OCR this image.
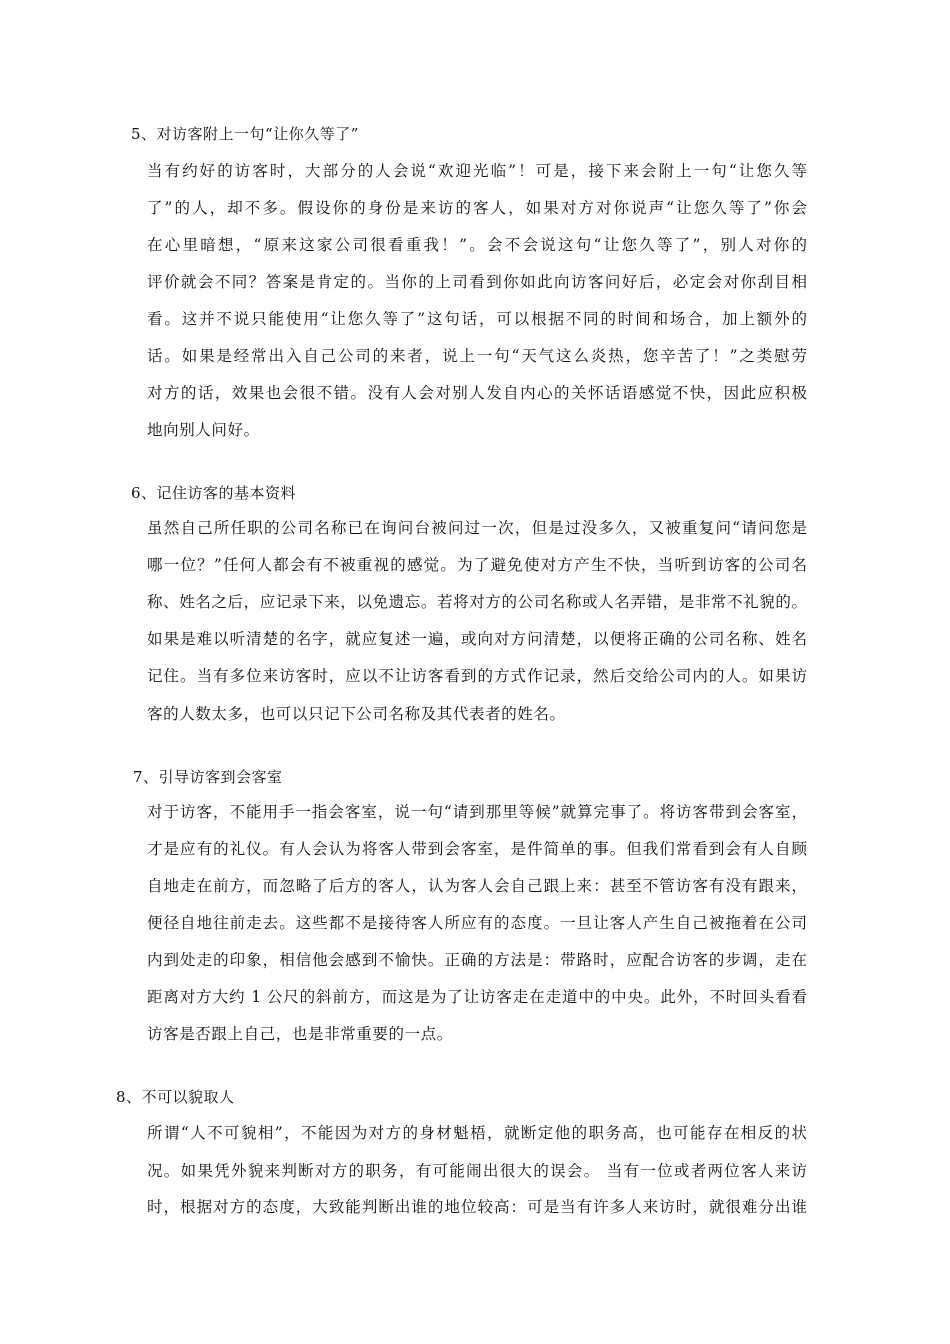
5、对访客附上一句“让你久等了”
当有约好的访客时，大部分的人会说“欢迎光临”！可是，接下来会附上一句“让您久等
了”的人，却不多。假设你的身份是来访的客人，如果对方对你说声“让您久等了”你会
在心里暗想，“原来这家公司很看重我！”。会不会说这句“让您久等了”，别人对你的
评价就会不同？答案是肯定的。当你的上司看到你如此向访客问好后，必定会对你刮目相
看。这并不说只能使用“让您久等了”这句话，可以根据不同的时间和场合，加上额外的
话。如果是经常出入自己公司的来者，说上一句“天气这么炎热，您辛苦了！”之类慰劳
对方的话，效果也会很不错。没有人会对别人发自内心的关怀话语感觉不快，因此应积极
地向别人问好。
6、记住访客的基本资料
虽然自己所任职的公司名称已在询问台被问过一次，但是过没多久，又被重复问“请问您是
哪一位？”任何人都会有不被重视的感觉。为了避免使对方产生不快，当听到访客的公司名
称、姓名之后，应记录下来，以免遗忘。若将对方的公司名称或人名弄错，是非常不礼貌的。
如果是难以听清楚的名字，就应复述一遍，或向对方问清楚，以便将正确的公司名称、姓名
记住。当有多位来访客时，应以不让访客看到的方式作记录，然后交给公司内的人。如果访
客的人数太多，也可以只记下公司名称及其代表者的姓名。
7、引导访客到会客室
对于访客，不能用手一指会客室，说一句“请到那里等候”就算完事了。将访客带到会客室，
才是应有的礼仪。有人会认为将客人带到会客室，是件简单的事。但我们常看到会有人自顾
自地走在前方，而忽略了后方的客人，认为客人会自己跟上来：甚至不管访客有没有跟来，
便径自地往前走去。这些都不是接待客人所应有的态度。一旦让客人产生自己被拖着在公司
内到处走的印象，相信他会感到不愉快。正确的方法是：带路时，应配合访客的步调，走在
距离对方大约 1 公尺的斜前方，而这是为了让访客走在走道中的中央。此外，不时回头看看
访客是否跟上自己，也是非常重要的一点。
8、不可以貌取人
所谓“人不可貌相”，不能因为对方的身材魁梧，就断定他的职务高，也可能存在相反的状
况。如果凭外貌来判断对方的职务，有可能闹出很大的误会。 当有一位或者两位客人来访
时，根据对方的态度，大致能判断出谁的地位较高：可是当有许多人来访时，就很难分出谁
